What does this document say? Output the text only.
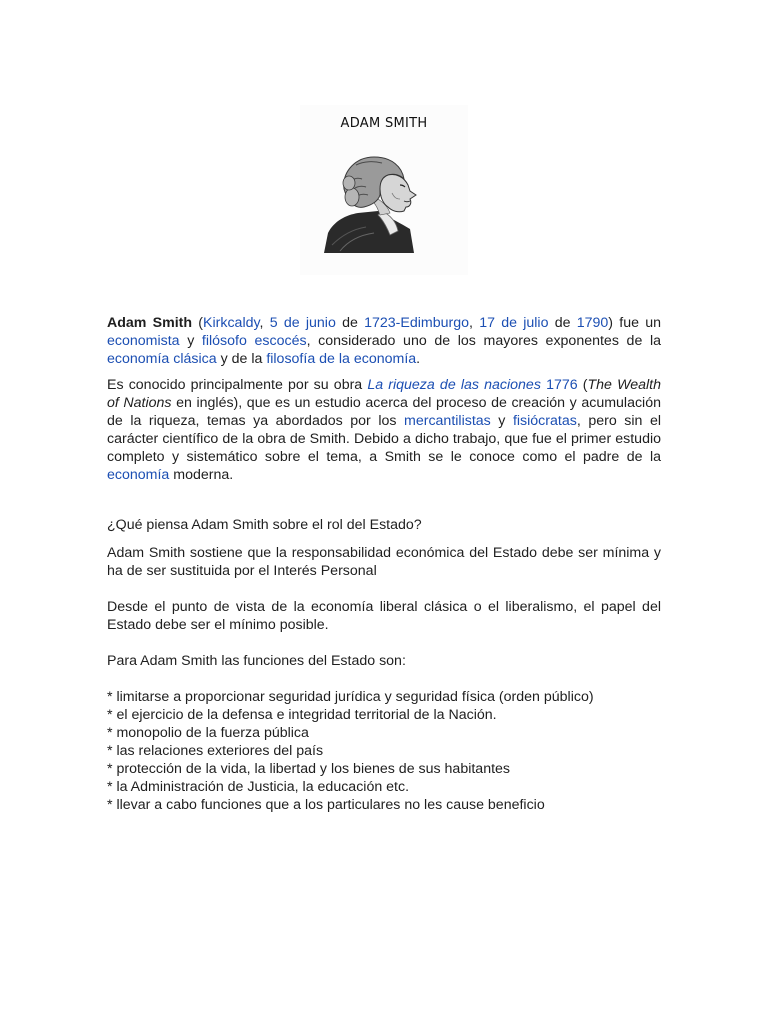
ADAM SMITH

Adam Smith (Kirkcaldy, 5 de junio de 1723-Edimburgo, 17 de julio de 1790) fue un economista y filósofo escocés, considerado uno de los mayores exponentes de la economía clásica y de la filosofía de la economía.

Es conocido principalmente por su obra La riqueza de las naciones 1776 (The Wealth of Nations en inglés), que es un estudio acerca del proceso de creación y acumulación de la riqueza, temas ya abordados por los mercantilistas y fisiócratas, pero sin el carácter científico de la obra de Smith. Debido a dicho trabajo, que fue el primer estudio completo y sistemático sobre el tema, a Smith se le conoce como el padre de la economía moderna.

¿Qué piensa Adam Smith sobre el rol del Estado?

Adam Smith sostiene que la responsabilidad económica del Estado debe ser mínima y ha de ser sustituida por el Interés Personal

Desde el punto de vista de la economía liberal clásica o el liberalismo, el papel del Estado debe ser el mínimo posible.

Para Adam Smith las funciones del Estado son:

* limitarse a proporcionar seguridad jurídica y seguridad física (orden público)

* el ejercicio de la defensa e integridad territorial de la Nación.

* monopolio de la fuerza pública

* las relaciones exteriores del país

* protección de la vida, la libertad y los bienes de sus habitantes

* la Administración de Justicia, la educación etc.

* llevar a cabo funciones que a los particulares no les cause beneficio
